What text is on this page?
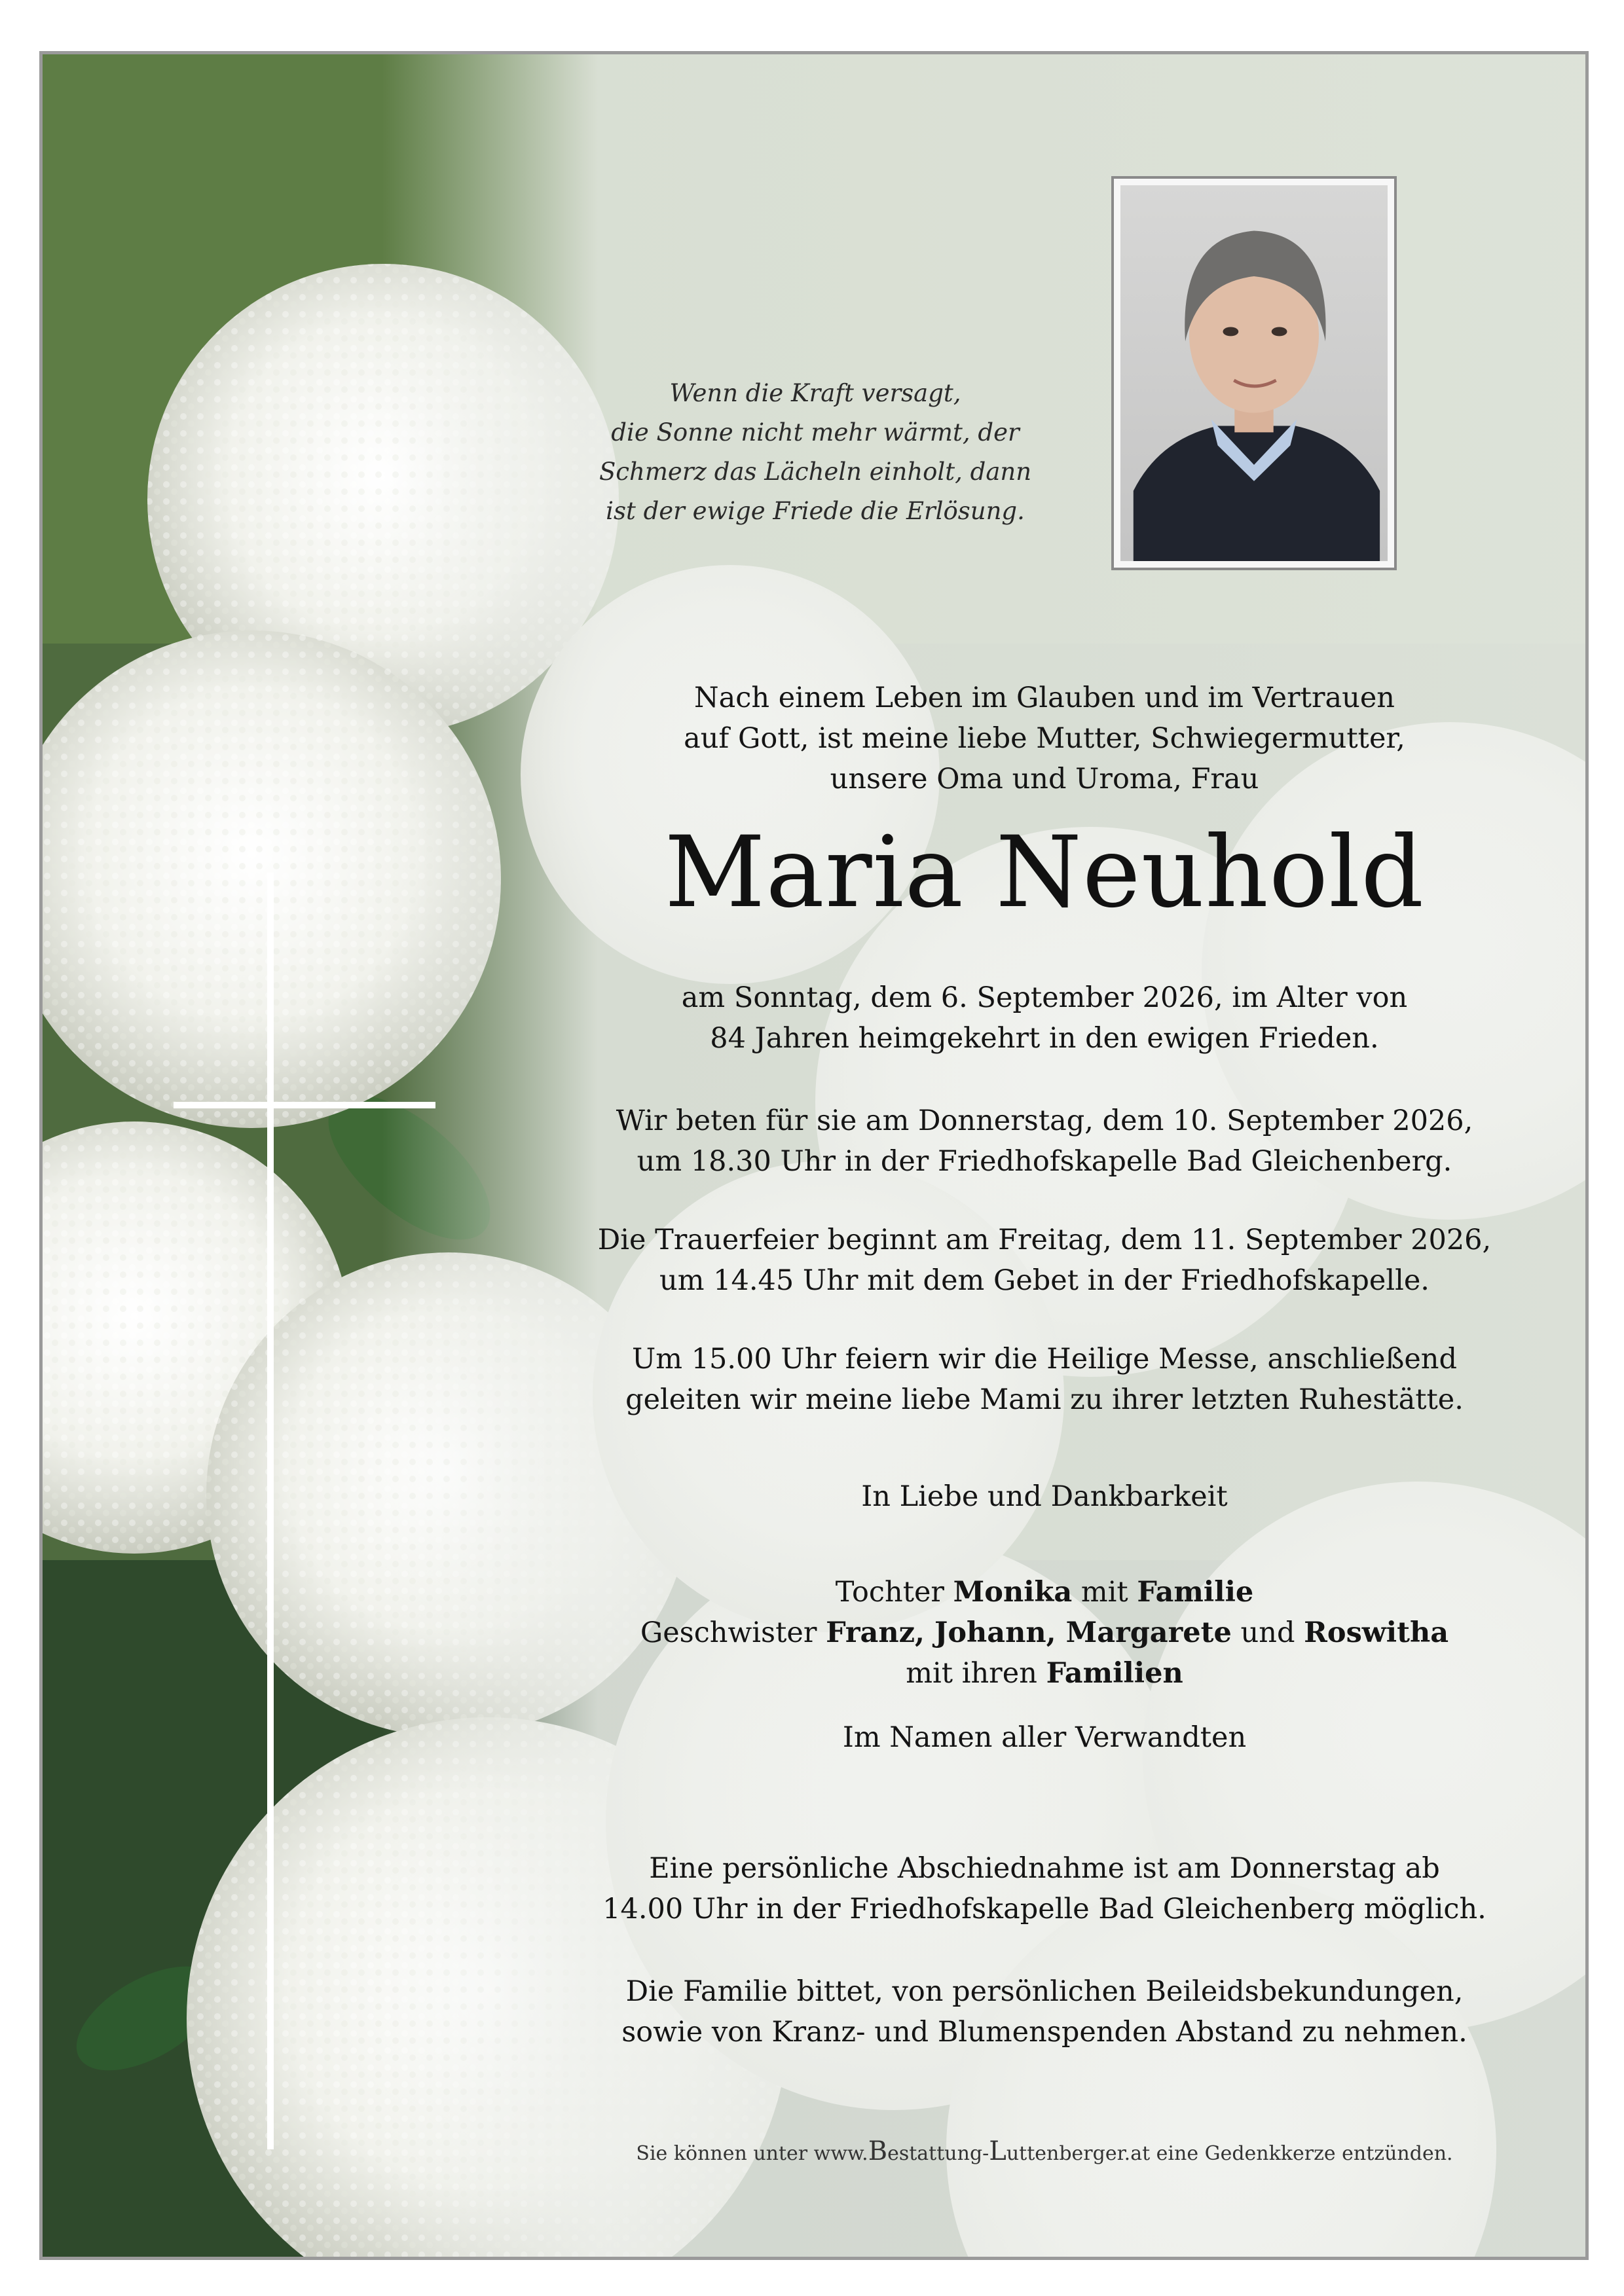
Wenn die Kraft versagt,
die Sonne nicht mehr wärmt, der
Schmerz das Lächeln einholt, dann
ist der ewige Friede die Erlösung.
Nach einem Leben im Glauben und im Vertrauen
auf Gott, ist meine liebe Mutter, Schwiegermutter,
unsere Oma und Uroma, Frau
Maria Neuhold
am Sonntag, dem 6. September 2026, im Alter von
84 Jahren heimgekehrt in den ewigen Frieden.
Wir beten für sie am Donnerstag, dem 10. September 2026,
um 18.30 Uhr in der Friedhofskapelle Bad Gleichenberg.
Die Trauerfeier beginnt am Freitag, dem 11. September 2026,
um 14.45 Uhr mit dem Gebet in der Friedhofskapelle.
Um 15.00 Uhr feiern wir die Heilige Messe, anschließend
geleiten wir meine liebe Mami zu ihrer letzten Ruhestätte.
In Liebe und Dankbarkeit
Tochter Monika mit Familie
Geschwister Franz, Johann, Margarete und Roswitha
mit ihren Familien
Im Namen aller Verwandten
Eine persönliche Abschiednahme ist am Donnerstag ab
14.00 Uhr in der Friedhofskapelle Bad Gleichenberg möglich.
Die Familie bittet, von persönlichen Beileidsbekundungen,
sowie von Kranz- und Blumenspenden Abstand zu nehmen.
Sie können unter www.Bestattung-Luttenberger.at eine Gedenkkerze entzünden.
